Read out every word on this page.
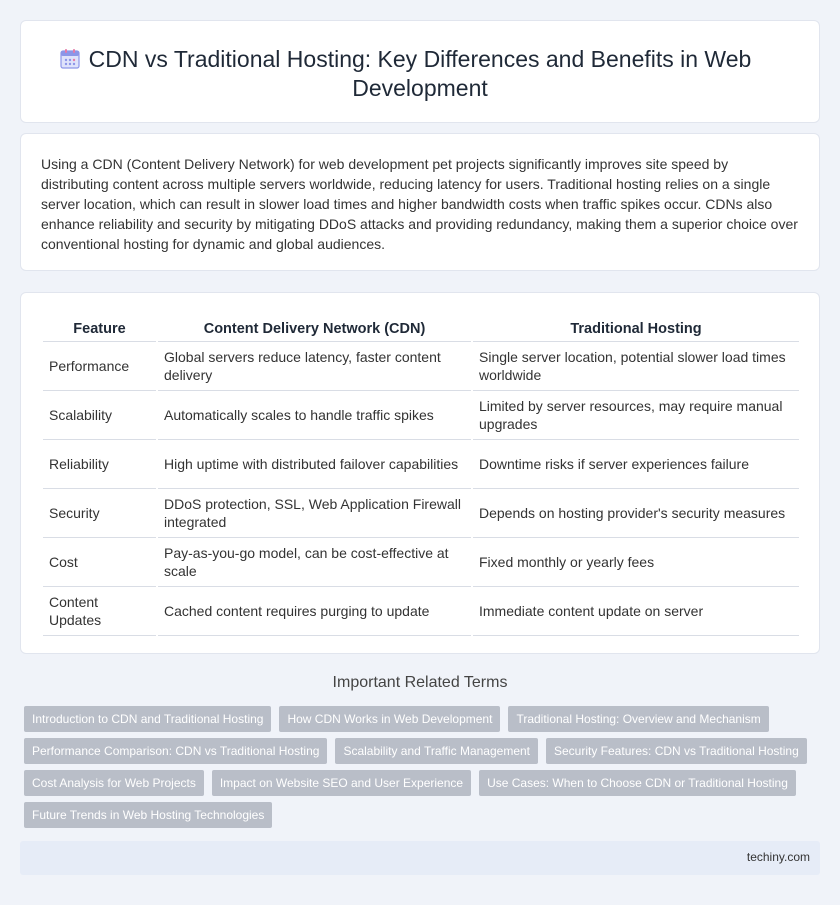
CDN vs Traditional Hosting: Key Differences and Benefits in Web Development

Using a CDN (Content Delivery Network) for web development pet projects significantly improves site speed by distributing content across multiple servers worldwide, reducing latency for users. Traditional hosting relies on a single server location, which can result in slower load times and higher bandwidth costs when traffic spikes occur. CDNs also enhance reliability and security by mitigating DDoS attacks and providing redundancy, making them a superior choice over conventional hosting for dynamic and global audiences.

Feature	Content Delivery Network (CDN)	Traditional Hosting
Performance	Global servers reduce latency, faster content delivery	Single server location, potential slower load times worldwide
Scalability	Automatically scales to handle traffic spikes	Limited by server resources, may require manual upgrades
Reliability	High uptime with distributed failover capabilities	Downtime risks if server experiences failure
Security	DDoS protection, SSL, Web Application Firewall integrated	Depends on hosting provider's security measures
Cost	Pay-as-you-go model, can be cost-effective at scale	Fixed monthly or yearly fees
Content Updates	Cached content requires purging to update	Immediate content update on server
Important Related Terms
Introduction to CDN and Traditional Hosting	How CDN Works in Web Development	Traditional Hosting: Overview and Mechanism
Performance Comparison: CDN vs Traditional Hosting	Scalability and Traffic Management	Security Features: CDN vs Traditional Hosting
Cost Analysis for Web Projects	Impact on Website SEO and User Experience	Use Cases: When to Choose CDN or Traditional Hosting
Future Trends in Web Hosting Technologies
techiny.com
